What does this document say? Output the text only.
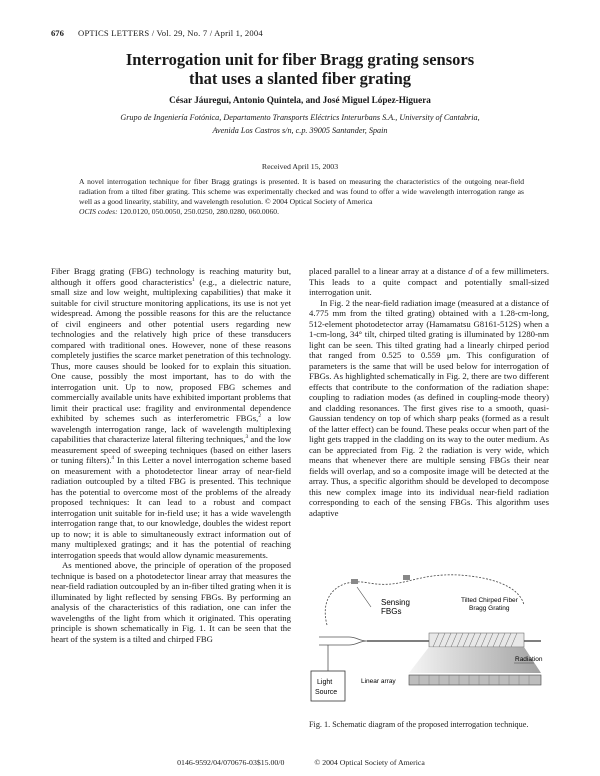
676 OPTICS LETTERS / Vol. 29, No. 7 / April 1, 2004
Interrogation unit for fiber Bragg grating sensors
that uses a slanted fiber grating
César Jáuregui, Antonio Quintela, and José Miguel López-Higuera
Grupo de Ingeniería Fotónica, Departamento Transports Eléctrics Interurbans S.A., University of Cantabria,
Avenida Los Castros s/n, c.p. 39005 Santander, Spain
Received April 15, 2003
A novel interrogation technique for fiber Bragg gratings is presented. It is based on measuring the characteristics of the outgoing near-field radiation from a tilted fiber grating. This scheme was experimentally checked and was found to offer a wide wavelength interrogation range as well as a good linearity, stability, and wavelength resolution. © 2004 Optical Society of America
OCIS codes: 120.0120, 050.0050, 250.0250, 280.0280, 060.0060.

Fiber Bragg grating (FBG) technology is reaching maturity but, although it offers good characteristics$^1$ (e.g., a dielectric nature, small size and low weight, multiplexing capabilities) that make it suitable for civil structure monitoring applications, its use is not yet widespread. Among the possible reasons for this are the reluctance of civil engineers and other potential users regarding new technologies and the relatively high price of these transducers compared with traditional ones. However, none of these reasons completely justifies the scarce market penetration of this technology. Thus, more causes should be looked for to explain this situation. One cause, possibly the most important, has to do with the interrogation unit. Up to now, proposed FBG schemes and commercially available units have exhibited important problems that limit their practical use: fragility and environmental dependence exhibited by schemes such as interferometric FBGs,$^2$ a low wavelength interrogation range, lack of wavelength multiplexing capabilities that characterize lateral filtering techniques,$^3$ and the low measurement speed of sweeping techniques (based on either lasers or tuning filters).$^4$ In this Letter a novel interrogation scheme based on measurement with a photodetector linear array of near-field radiation outcoupled by a tilted FBG is presented. This technique has the potential to overcome most of the problems of the already proposed techniques: It can lead to a robust and compact interrogation unit suitable for in-field use; it has a wide wavelength interrogation range that, to our knowledge, doubles the widest report up to now; it is able to simultaneously extract information out of many multiplexed gratings; and it has the potential of reaching interrogation speeds that would allow dynamic measurements.

As mentioned above, the principle of operation of the proposed technique is based on a photodetector linear array that measures the near-field radiation outcoupled by an in-fiber tilted grating when it is illuminated by light reflected by sensing FBGs. By performing an analysis of the characteristics of this radiation, one can infer the wavelengths of the light from which it originated. This operating principle is shown schematically in Fig. 1. It can be seen that the heart of the system is a tilted and chirped FBG

placed parallel to a linear array at a distance d of a few millimeters. This leads to a quite compact and potentially small-sized interrogation unit.

In Fig. 2 the near-field radiation image (measured at a distance of 4.775 mm from the tilted grating) obtained with a 1.28-cm-long, 512-element photodetector array (Hamamatsu G8161-512S) when a 1-cm-long, 34° tilt, chirped tilted grating is illuminated by 1280-nm light can be seen. This tilted grating had a linearly chirped period that ranged from 0.525 to 0.559 μm. This configuration of parameters is the same that will be used below for interrogation of FBGs. As highlighted schematically in Fig. 2, there are two different effects that contribute to the conformation of the radiation shape: coupling to radiation modes (as defined in coupling-mode theory) and cladding resonances. The first gives rise to a smooth, quasi-Gaussian tendency on top of which sharp peaks (formed as a result of the latter effect) can be found. These peaks occur when part of the light gets trapped in the cladding on its way to the outer medium. As can be appreciated from Fig. 2 the radiation is very wide, which means that whenever there are multiple sensing FBGs their near fields will overlap, and so a composite image will be detected at the array. Thus, a specific algorithm should be developed to decompose this new complex image into its individual near-field radiation corresponding to each of the sensing FBGs. This algorithm uses adaptive

Sensing
FBGs
Tilted Chirped Fiber
Bragg Grating
Radiation
Linear array
Light
Source
Fig. 1. Schematic diagram of the proposed interrogation technique.
0146-9592/04/070676-03$15.00/0	© 2004 Optical Society of America
